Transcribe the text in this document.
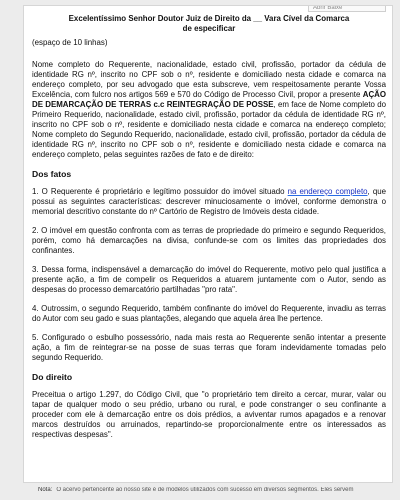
Abrir Baixe
Excelentíssimo Senhor Doutor Juiz de Direito da __ Vara Cível da Comarca
de especificar
(espaço de 10 linhas)

Nome completo do Requerente, nacionalidade, estado civil, profissão, portador da cédula de identidade RG nº, inscrito no CPF sob o nº, residente e domiciliado nesta cidade e comarca na endereço completo, por seu advogado que esta subscreve, vem respeitosamente perante Vossa Excelência, com fulcro nos artigos 569 e 570 do Código de Processo Civil, propor a presente AÇÃO DE DEMARCAÇÃO DE TERRAS c.c REINTEGRAÇÃO DE POSSE, em face de Nome completo do Primeiro Requerido, nacionalidade, estado civil, profissão, portador da cédula de identidade RG nº, inscrito no CPF sob o nº, residente e domiciliado nesta cidade e comarca na endereço completo; Nome completo do Segundo Requerido, nacionalidade, estado civil, profissão, portador da cédula de identidade RG nº, inscrito no CPF sob o nº, residente e domiciliado nesta cidade e comarca na endereço completo, pelas seguintes razões de fato e de direito:

Dos fatos

1. O Requerente é proprietário e legítimo possuidor do imóvel situado na endereço completo, que possui as seguintes características: descrever minuciosamente o imóvel, conforme demonstra o memorial descritivo constante do nº Cartório de Registro de Imóveis desta cidade.

2. O imóvel em questão confronta com as terras de propriedade do primeiro e segundo Requeridos, porém, como há demarcações na divisa, confunde-se com os limites das propriedades dos confinantes.

3. Dessa forma, indispensável a demarcação do imóvel do Requerente, motivo pelo qual justifica a presente ação, a fim de compelir os Requeridos a atuarem juntamente com o Autor, sendo as despesas do processo demarcatório partilhadas "pro rata".

4. Outrossim, o segundo Requerido, também confinante do imóvel do Requerente, invadiu as terras do Autor com seu gado e suas plantações, alegando que aquela área lhe pertence.

5. Configurado o esbulho possessório, nada mais resta ao Requerente senão intentar a presente ação, a fim de reintegrar-se na posse de suas terras que foram indevidamente tomadas pelo segundo Requerido.

Do direito

Preceitua o artigo 1.297, do Código Civil, que "o proprietário tem direito a cercar, murar, valar ou tapar de qualquer modo o seu prédio, urbano ou rural, e pode constranger o seu confinante a proceder com ele à demarcação entre os dois prédios, a aviventar rumos apagados e a renovar marcos destruídos ou arruinados, repartindo-se proporcionalmente entre os interessados as respectivas despesas".

Nota: O acervo pertencente ao nosso site é de modelos utilizados com sucesso em diversos segmentos. Eles servem
